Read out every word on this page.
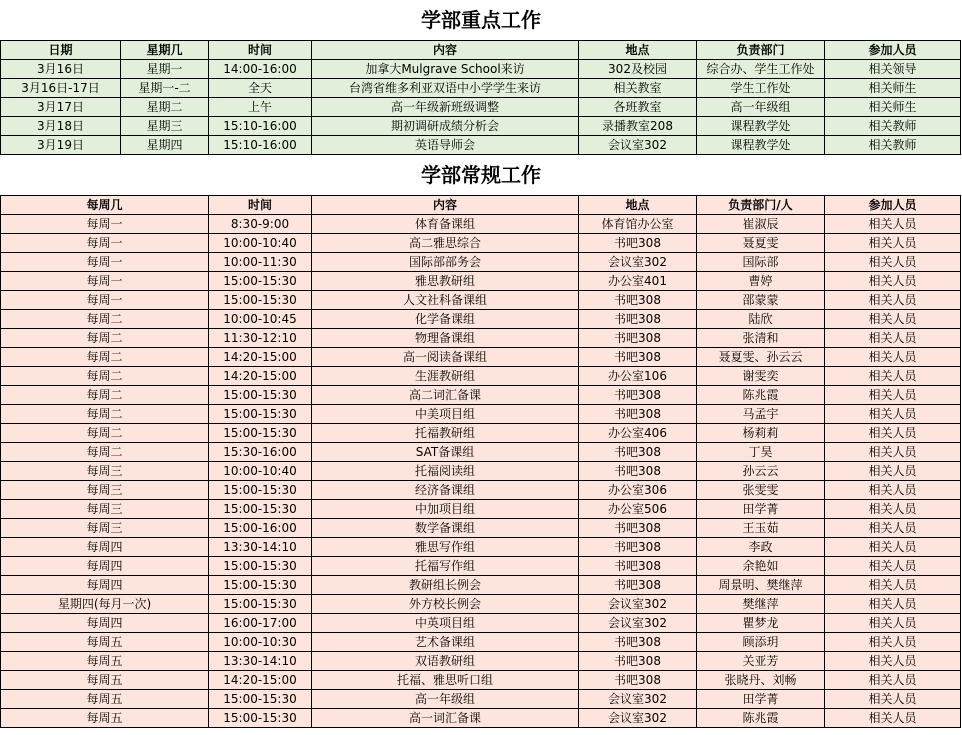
学部重点工作
日期	星期几	时间	内容	地点	负责部门	参加人员
3月16日	星期一	14:00-16:00	加拿大Mulgrave School来访	302及校园	综合办、学生工作处	相关领导
3月16日-17日	星期一-二	全天	台湾省维多利亚双语中小学学生来访	相关教室	学生工作处	相关师生
3月17日	星期二	上午	高一年级新班级调整	各班教室	高一年级组	相关师生
3月18日	星期三	15:10-16:00	期初调研成绩分析会	录播教室208	课程教学处	相关教师
3月19日	星期四	15:10-16:00	英语导师会	会议室302	课程教学处	相关教师
学部常规工作
每周几	时间	内容	地点	负责部门/人	参加人员
每周一	8:30-9:00	体育备课组	体育馆办公室	崔淑辰	相关人员
每周一	10:00-10:40	高二雅思综合	书吧308	聂夏雯	相关人员
每周一	10:00-11:30	国际部部务会	会议室302	国际部	相关人员
每周一	15:00-15:30	雅思教研组	办公室401	曹婷	相关人员
每周一	15:00-15:30	人文社科备课组	书吧308	邵蒙蒙	相关人员
每周二	10:00-10:45	化学备课组	书吧308	陆欣	相关人员
每周二	11:30-12:10	物理备课组	书吧308	张清和	相关人员
每周二	14:20-15:00	高一阅读备课组	书吧308	聂夏雯、孙云云	相关人员
每周二	14:20-15:00	生涯教研组	办公室106	谢雯奕	相关人员
每周二	15:00-15:30	高二词汇备课	书吧308	陈兆霞	相关人员
每周二	15:00-15:30	中美项目组	书吧308	马孟宇	相关人员
每周二	15:00-15:30	托福教研组	办公室406	杨莉莉	相关人员
每周二	15:30-16:00	SAT备课组	书吧308	丁昊	相关人员
每周三	10:00-10:40	托福阅读组	书吧308	孙云云	相关人员
每周三	15:00-15:30	经济备课组	办公室306	张雯雯	相关人员
每周三	15:00-15:30	中加项目组	办公室506	田学菁	相关人员
每周三	15:00-16:00	数学备课组	书吧308	王玉茹	相关人员
每周四	13:30-14:10	雅思写作组	书吧308	李政	相关人员
每周四	15:00-15:30	托福写作组	书吧308	余艳如	相关人员
每周四	15:00-15:30	教研组长例会	书吧308	周景明、樊继萍	相关人员
星期四(每月一次)	15:00-15:30	外方校长例会	会议室302	樊继萍	相关人员
每周四	16:00-17:00	中英项目组	会议室302	瞿梦龙	相关人员
每周五	10:00-10:30	艺术备课组	书吧308	顾添玥	相关人员
每周五	13:30-14:10	双语教研组	书吧308	关亚芳	相关人员
每周五	14:20-15:00	托福、雅思听口组	书吧308	张晓丹、刘畅	相关人员
每周五	15:00-15:30	高一年级组	会议室302	田学菁	相关人员
每周五	15:00-15:30	高一词汇备课	会议室302	陈兆霞	相关人员
